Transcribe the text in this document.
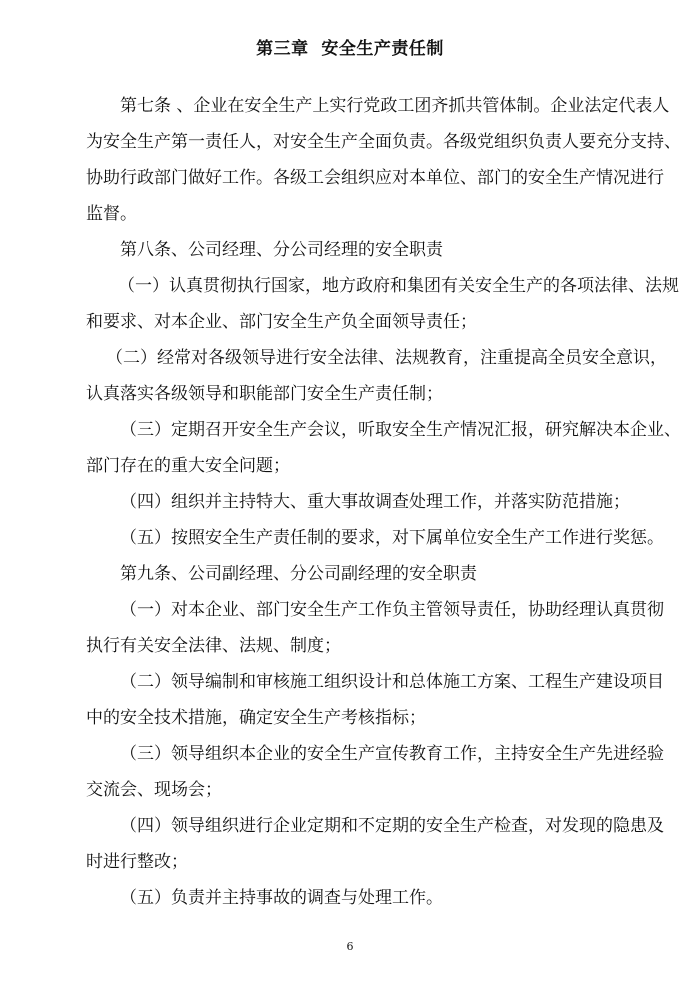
第三章  安全生产责任制
第七条 、企业在安全生产上实行党政工团齐抓共管体制。企业法定代表人
为安全生产第一责任人，对安全生产全面负责。各级党组织负责人要充分支持、
协助行政部门做好工作。各级工会组织应对本单位、部门的安全生产情况进行
监督。
第八条、公司经理、分公司经理的安全职责
（一）认真贯彻执行国家，地方政府和集团有关安全生产的各项法律、法规
和要求、对本企业、部门安全生产负全面领导责任；
（二）经常对各级领导进行安全法律、法规教育，注重提高全员安全意识，
认真落实各级领导和职能部门安全生产责任制；
（三）定期召开安全生产会议，听取安全生产情况汇报，研究解决本企业、
部门存在的重大安全问题；
（四）组织并主持特大、重大事故调查处理工作，并落实防范措施；
（五）按照安全生产责任制的要求，对下属单位安全生产工作进行奖惩。
第九条、公司副经理、分公司副经理的安全职责
（一）对本企业、部门安全生产工作负主管领导责任，协助经理认真贯彻
执行有关安全法律、法规、制度；
（二）领导编制和审核施工组织设计和总体施工方案、工程生产建设项目
中的安全技术措施，确定安全生产考核指标；
（三）领导组织本企业的安全生产宣传教育工作，主持安全生产先进经验
交流会、现场会；
（四）领导组织进行企业定期和不定期的安全生产检查，对发现的隐患及
时进行整改；
（五）负责并主持事故的调查与处理工作。
6
